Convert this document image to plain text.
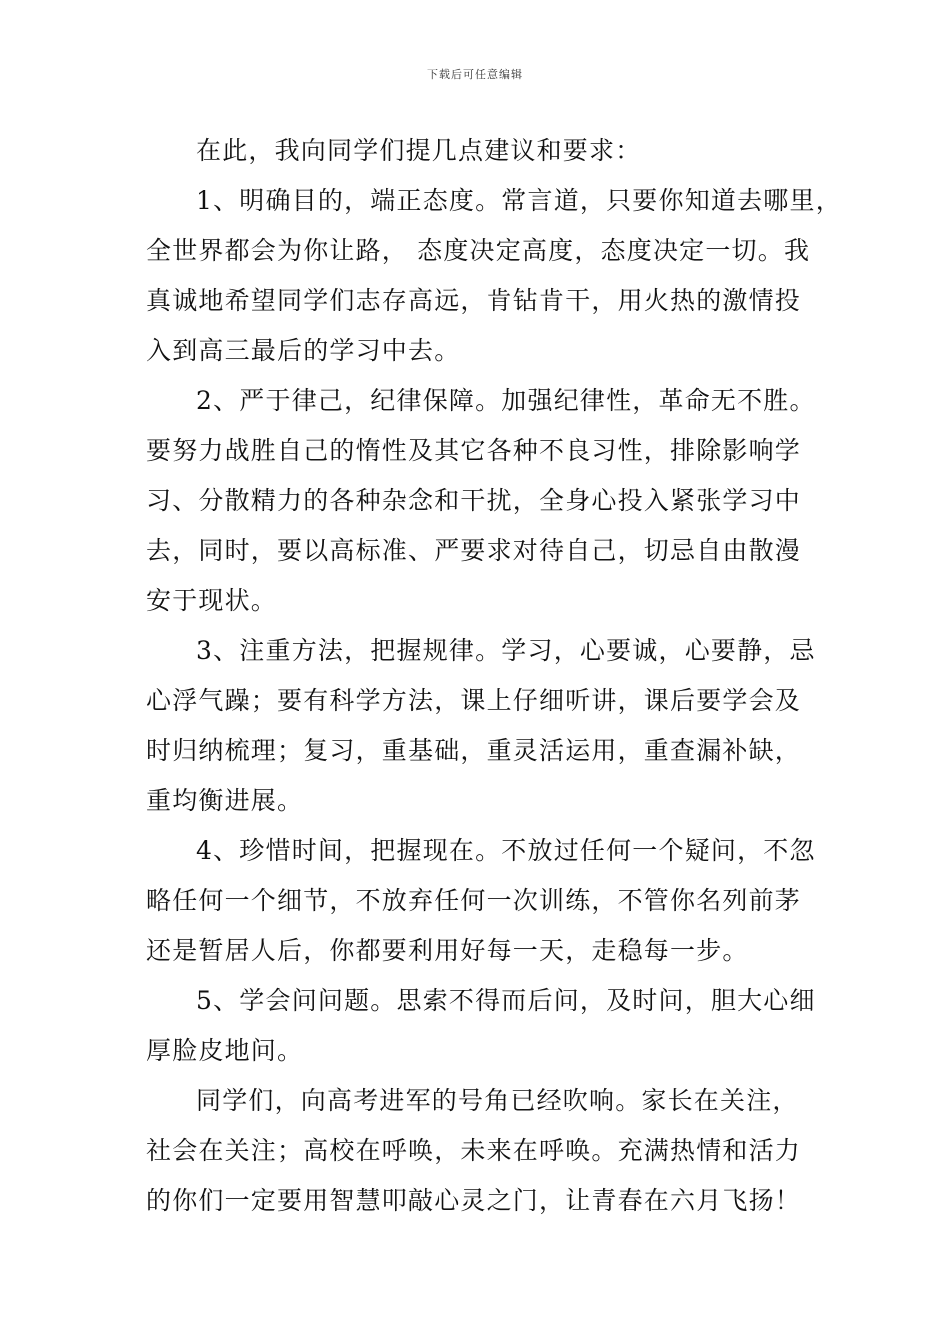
下载后可任意编辑
在此，我向同学们提几点建议和要求：
1、明确目的，端正态度。常言道，只要你知道去哪里，
全世界都会为你让路， 态度决定高度，态度决定一切。我
真诚地希望同学们志存高远，肯钻肯干，用火热的激情投
入到高三最后的学习中去。
2、严于律己，纪律保障。加强纪律性，革命无不胜。
要努力战胜自己的惰性及其它各种不良习性，排除影响学
习、分散精力的各种杂念和干扰，全身心投入紧张学习中
去，同时，要以高标准、严要求对待自己，切忌自由散漫
安于现状。
3、注重方法，把握规律。学习，心要诚，心要静，忌
心浮气躁；要有科学方法，课上仔细听讲，课后要学会及
时归纳梳理；复习，重基础，重灵活运用，重查漏补缺，
重均衡进展。
4、珍惜时间，把握现在。不放过任何一个疑问，不忽
略任何一个细节，不放弃任何一次训练，不管你名列前茅
还是暂居人后，你都要利用好每一天，走稳每一步。
5、学会问问题。思索不得而后问，及时问，胆大心细
厚脸皮地问。
同学们，向高考进军的号角已经吹响。家长在关注，
社会在关注；高校在呼唤，未来在呼唤。充满热情和活力
的你们一定要用智慧叩敲心灵之门，让青春在六月飞扬！
